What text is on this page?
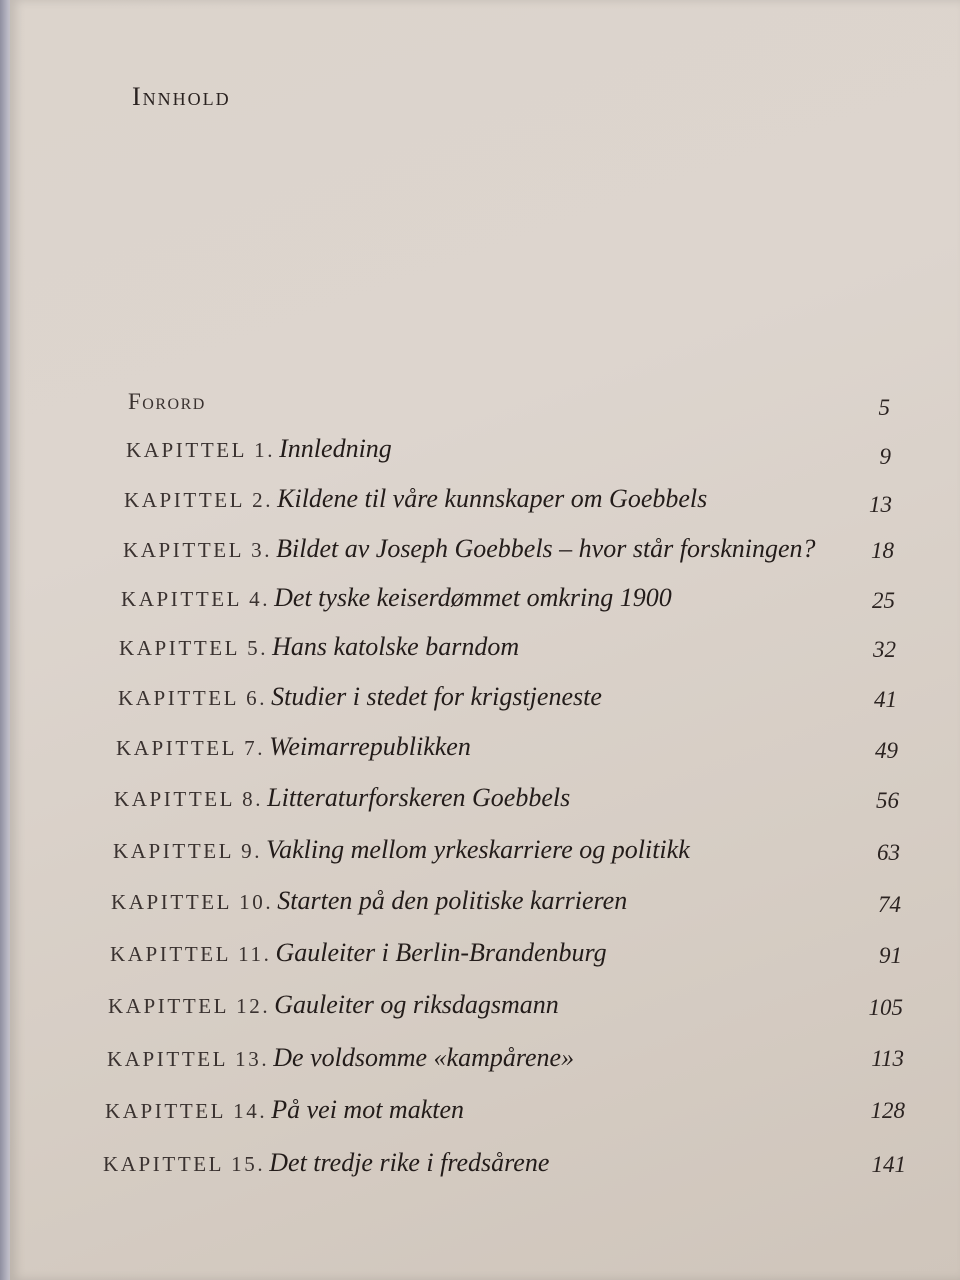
Innhold
Forord	5
KAPITTEL 1. Innledning	9
KAPITTEL 2. Kildene til våre kunnskaper om Goebbels	13
KAPITTEL 3. Bildet av Joseph Goebbels – hvor står forskningen?	18
KAPITTEL 4. Det tyske keiserdømmet omkring 1900	25
KAPITTEL 5. Hans katolske barndom	32
KAPITTEL 6. Studier i stedet for krigstjeneste	41
KAPITTEL 7. Weimarrepublikken	49
KAPITTEL 8. Litteraturforskeren Goebbels	56
KAPITTEL 9. Vakling mellom yrkeskarriere og politikk	63
KAPITTEL 10. Starten på den politiske karrieren	74
KAPITTEL 11. Gauleiter i Berlin-Brandenburg	91
KAPITTEL 12. Gauleiter og riksdagsmann	105
KAPITTEL 13. De voldsomme «kampårene»	113
KAPITTEL 14. På vei mot makten	128
KAPITTEL 15. Det tredje rike i fredsårene	141
